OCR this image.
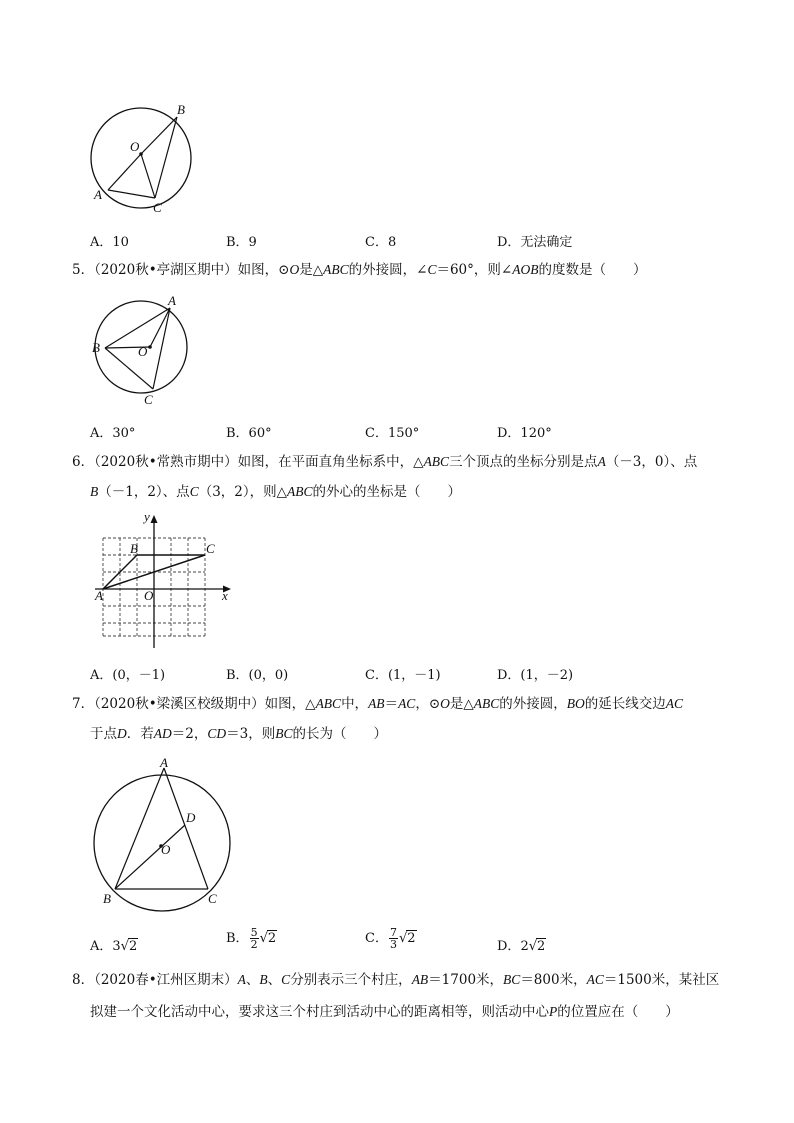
O
B
A
C
A．10	B．9	C．8	D．无法确定
5．（2020秋•亭湖区期中）如图，⊙O是△ABC的外接圆，∠C＝60°，则∠AOB的度数是（　　）
A
B	O
C
A．30°	B．60°	C．150°	D．120°
6．（2020秋•常熟市期中）如图，在平面直角坐标系中，△ABC三个顶点的坐标分别是点A（－3，0）、点
B（－1，2）、点C（3，2），则△ABC的外心的坐标是（　　）
y
x
A
B	C
O
A．(0，－1)	B．(0，0)	C．(1，－1)	D．(1，－2)
7．（2020秋•梁溪区校级期中）如图，△ABC中，AB＝AC，⊙O是△ABC的外接圆，BO的延长线交边AC
于点D．若AD＝2，CD＝3，则BC的长为（　　）
A
D
O
B	C
A．3√2
B． $\frac{5}{2} √2$	C． $\frac{7}{3} √2$
D．2√2
8．（2020春•江州区期末）A、B、C分别表示三个村庄，AB＝1700米，BC＝800米，AC＝1500米，某社区
拟建一个文化活动中心，要求这三个村庄到活动中心的距离相等，则活动中心P的位置应在（　　）
